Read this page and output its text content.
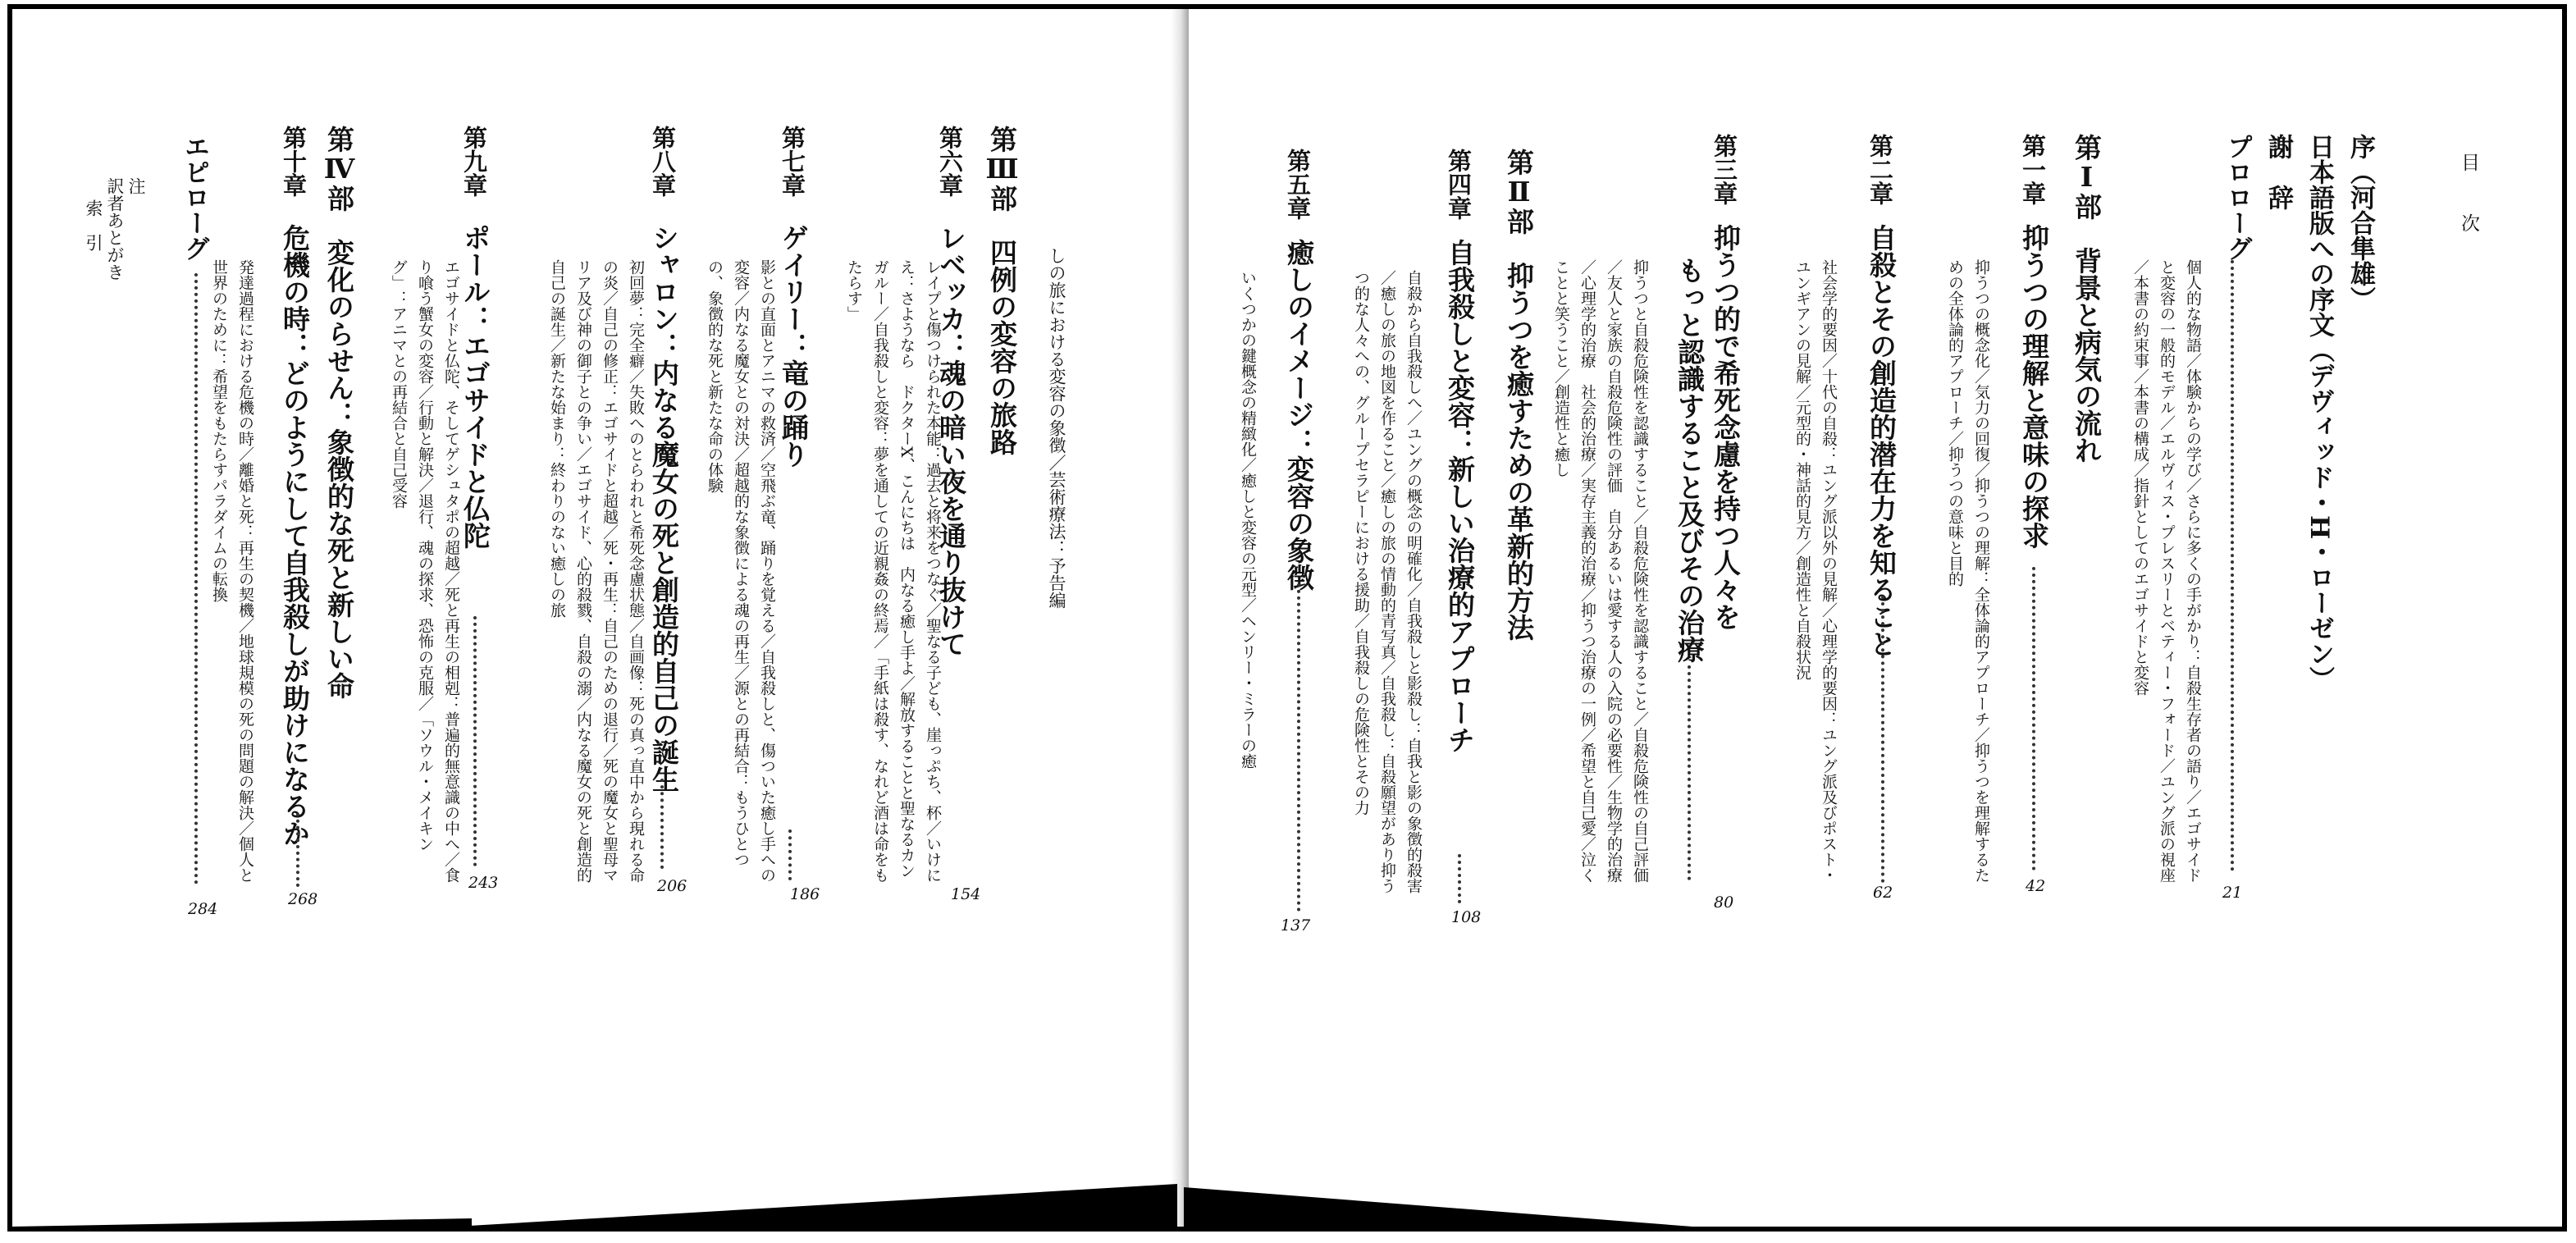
しの旅における変容の象徴／芸術療法：予告編
第Ⅲ部　四例の変容の旅路
第六章
レベッカ：魂の暗い夜を通り抜けて
レイプと傷つけられた本能：過去と将来をつなぐ／聖なる子ども、崖っぷち、杯／いけにえ：さようなら　ドクターX、こんにちは　内なる癒し手よ／解放することと聖なるカンガルー／自我殺しと変容：夢を通しての近親姦の終焉／「手紙は殺す、なれど酒は命をもたらす」
154
第七章
ゲイリー：竜の踊り
影との直面とアニマの救済／空飛ぶ竜、踊りを覚える／自我殺しと、傷ついた癒し手への変容／内なる魔女との対決／超越的な象徴による魂の再生／源との再結合：もうひとつの、象徴的な死と新たな命の体験
186
第八章
シャロン：内なる魔女の死と創造的自己の誕生
初回夢：完全癖／失敗へのとらわれと希死念慮状態／自画像：死の真っ直中から現れる命の炎／自己の修正：エゴサイドと超越／死・再生：自己のための退行／死の魔女と聖母マリア及び神の御子との争い／エゴサイド、心的殺戮、自殺の溺／内なる魔女の死と創造的自己の誕生／新たな始まり：終わりのない癒しの旅
206
第九章
ポール：エゴサイドと仏陀
エゴサイドと仏陀、そしてゲシュタポの超越／死と再生の相剋：普遍的無意識の中へ／食り喰う蟹女の変容／行動と解決／退行、魂の探求、恐怖の克服／「ソウル・メイキング」：アニマとの再結合と自己受容
243
第Ⅳ部　変化のらせん：象徴的な死と新しい命
第十章
危機の時：どのようにして自我殺しが助けになるか
発達過程における危機の時／離婚と死：再生の契機／地球規模の死の問題の解決／個人と世界のために：希望をもたらすパラダイムの転換
268
エピローグ
284
注
訳者あとがき
索　引	目　次
序（河合隼雄）
日本語版への序文（デヴィッド・H・ローゼン）
謝　辞
プロローグ
個人的な物語／体験からの学び／さらに多くの手がかり：自殺生存者の語り／エゴサイドと変容の一般的モデル／エルヴィス・プレスリーとベティー・フォード／ユング派の視座／本書の約束事／本書の構成／指針としてのエゴサイドと変容
21
第Ⅰ部　背景と病気の流れ
第一章
抑うつの理解と意味の探求
抑うつの概念化／気力の回復／抑うつの理解：全体論的アプローチ／抑うつを理解するための全体論的アプローチ／抑うつの意味と目的
42
第二章
自殺とその創造的潜在力を知ること
社会学的要因／十代の自殺：ユング派以外の見解／心理学的要因：ユング派及びポスト・ユンギアンの見解／元型的・神話的見方／創造性と自殺状況
62
第三章
抑うつ的で希死念慮を持つ人々を
もっと認識すること及びその治療
抑うつと自殺危険性を認識すること／自殺危険性を認識すること／自殺危険性の自己評価／友人と家族の自殺危険性の評価　自分あるいは愛する人の入院の必要性／生物学的治療／心理学的治療　社会的治療／実存主義的治療／抑うつ治療の一例／希望と自己愛／泣くことと笑うこと／創造性と癒し
80
第Ⅱ部　抑うつを癒すための革新的方法
第四章
自我殺しと変容：新しい治療的アプローチ
自殺から自我殺しへ／ユングの概念の明確化／自我殺しと影殺し：自我と影の象徴的殺害／癒しの旅の地図を作ること／癒しの旅の情動的青写真／自我殺し：自殺願望があり抑うつ的な人々への、グループセラピーにおける援助／自我殺しの危険性とその力
108
第五章
癒しのイメージ：変容の象徴
いくつかの鍵概念の精緻化／癒しと変容の元型／ヘンリー・ミラーの癒
137
